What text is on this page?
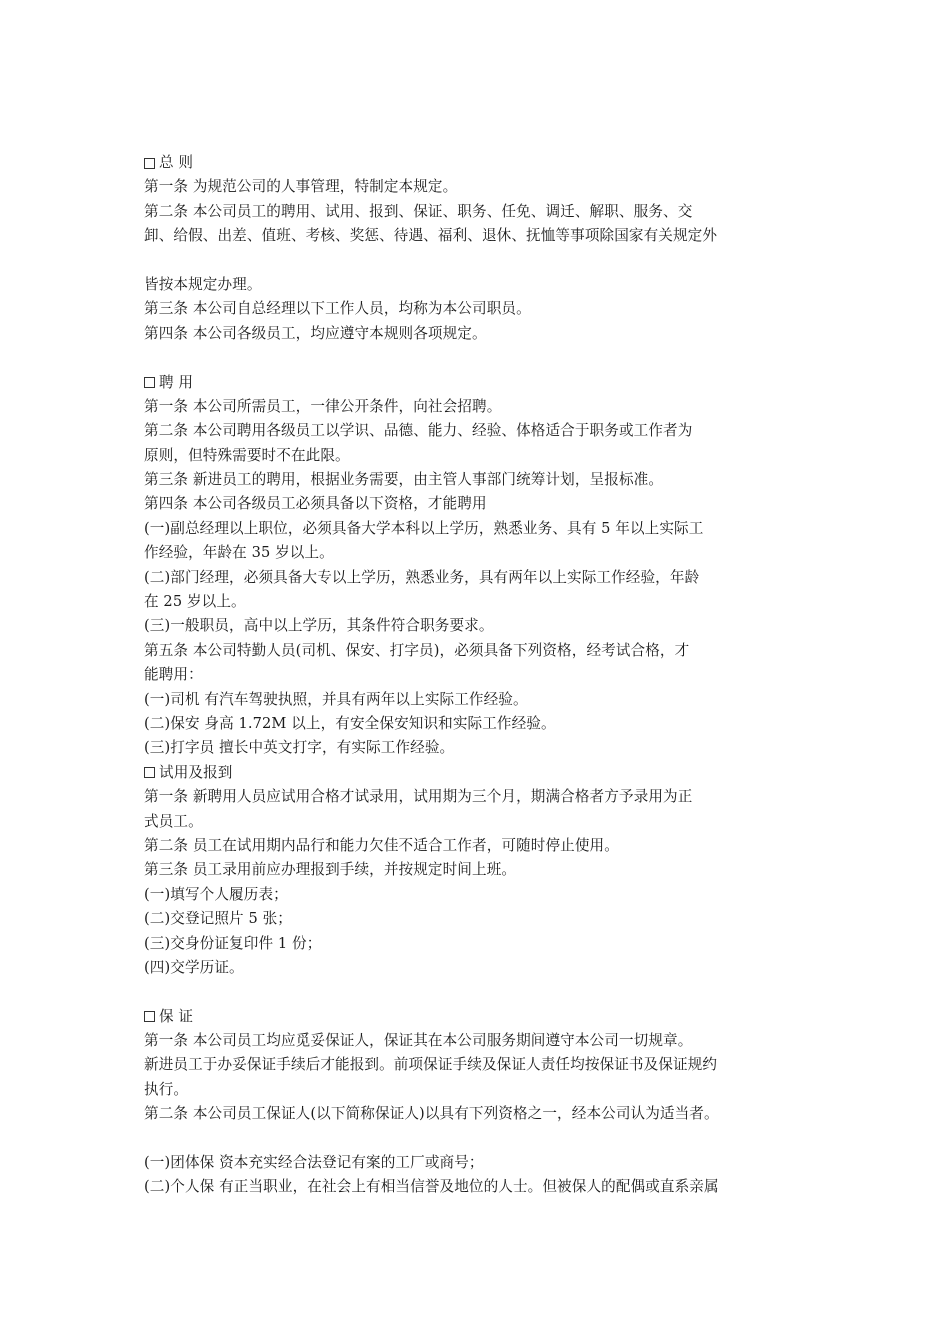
总 则
第一条 为规范公司的人事管理，特制定本规定。
第二条 本公司员工的聘用、试用、报到、保证、职务、任免、调迁、解职、服务、交
卸、给假、出差、值班、考核、奖惩、待遇、福利、退休、抚恤等事项除国家有关规定外
皆按本规定办理。
第三条 本公司自总经理以下工作人员，均称为本公司职员。
第四条 本公司各级员工，均应遵守本规则各项规定。
聘 用
第一条 本公司所需员工，一律公开条件，向社会招聘。
第二条 本公司聘用各级员工以学识、品德、能力、经验、体格适合于职务或工作者为
原则，但特殊需要时不在此限。
第三条 新进员工的聘用，根据业务需要，由主管人事部门统筹计划，呈报标准。
第四条 本公司各级员工必须具备以下资格，才能聘用
(一)副总经理以上职位，必须具备大学本科以上学历，熟悉业务、具有 5 年以上实际工
作经验，年龄在 35 岁以上。
(二)部门经理，必须具备大专以上学历，熟悉业务，具有两年以上实际工作经验，年龄
在 25 岁以上。
(三)一般职员，高中以上学历，其条件符合职务要求。
第五条 本公司特勤人员(司机、保安、打字员)，必须具备下列资格，经考试合格，才
能聘用：
(一)司机 有汽车驾驶执照，并具有两年以上实际工作经验。
(二)保安 身高 1.72M 以上，有安全保安知识和实际工作经验。
(三)打字员 擅长中英文打字，有实际工作经验。
试用及报到
第一条 新聘用人员应试用合格才试录用，试用期为三个月，期满合格者方予录用为正
式员工。
第二条 员工在试用期内品行和能力欠佳不适合工作者，可随时停止使用。
第三条 员工录用前应办理报到手续，并按规定时间上班。
(一)填写个人履历表；
(二)交登记照片 5 张；
(三)交身份证复印件 1 份；
(四)交学历证。
保 证
第一条 本公司员工均应觅妥保证人，保证其在本公司服务期间遵守本公司一切规章。
新进员工于办妥保证手续后才能报到。前项保证手续及保证人责任均按保证书及保证规约
执行。
第二条 本公司员工保证人(以下简称保证人)以具有下列资格之一，经本公司认为适当者。
(一)团体保 资本充实经合法登记有案的工厂或商号；
(二)个人保 有正当职业，在社会上有相当信誉及地位的人士。但被保人的配偶或直系亲属
